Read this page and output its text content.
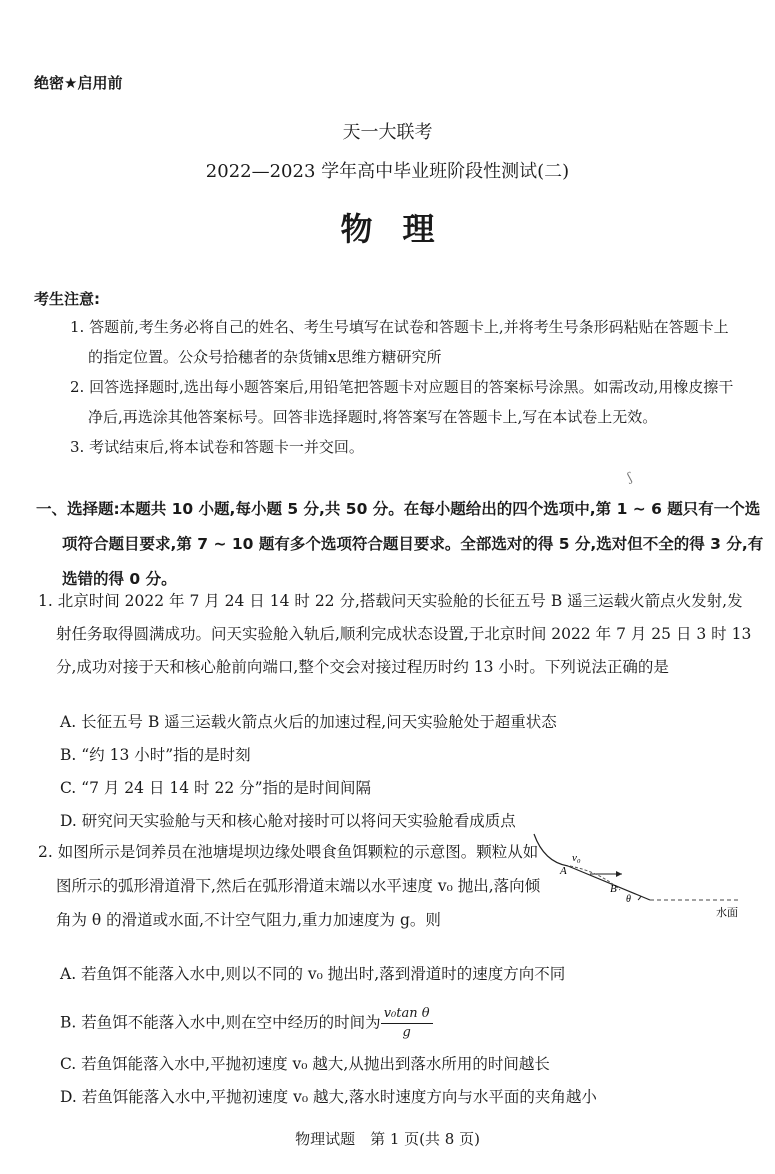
绝密★启用前
天一大联考
2022—2023 学年高中毕业班阶段性测试(二)
物理
考生注意:
1. 答题前,考生务必将自己的姓名、考生号填写在试卷和答题卡上,并将考生号条形码粘贴在答题卡上的指定位置。公众号拾穗者的杂货铺x思维方糖研究所
2. 回答选择题时,选出每小题答案后,用铅笔把答题卡对应题目的答案标号涂黑。如需改动,用橡皮擦干净后,再选涂其他答案标号。回答非选择题时,将答案写在答题卡上,写在本试卷上无效。
3. 考试结束后,将本试卷和答题卡一并交回。
ʃ
一、选择题:本题共 10 小题,每小题 5 分,共 50 分。在每小题给出的四个选项中,第 1 ~ 6 题只有一个选项符合题目要求,第 7 ~ 10 题有多个选项符合题目要求。全部选对的得 5 分,选对但不全的得 3 分,有选错的得 0 分。
1. 北京时间 2022 年 7 月 24 日 14 时 22 分,搭载问天实验舱的长征五号 B 遥三运载火箭点火发射,发射任务取得圆满成功。问天实验舱入轨后,顺利完成状态设置,于北京时间 2022 年 7 月 25 日 3 时 13 分,成功对接于天和核心舱前向端口,整个交会对接过程历时约 13 小时。下列说法正确的是
A. 长征五号 B 遥三运载火箭点火后的加速过程,问天实验舱处于超重状态
B. “约 13 小时”指的是时刻
C. “7 月 24 日 14 时 22 分”指的是时间间隔
D. 研究问天实验舱与天和核心舱对接时可以将问天实验舱看成质点
2. 如图所示是饲养员在池塘堤坝边缘处喂食鱼饵颗粒的示意图。颗粒从如图所示的弧形滑道滑下,然后在弧形滑道末端以水平速度 v₀ 抛出,落向倾角为 θ 的滑道或水面,不计空气阻力,重力加速度为 g。则
v₀
A
B
θ
水面
A. 若鱼饵不能落入水中,则以不同的 v₀ 抛出时,落到滑道时的速度方向不同
B. 若鱼饵不能落入水中,则在空中经历的时间为 $\frac{\text{v₀tan θ}}{g}$
C. 若鱼饵能落入水中,平抛初速度 v₀ 越大,从抛出到落水所用的时间越长
D. 若鱼饵能落入水中,平抛初速度 v₀ 越大,落水时速度方向与水平面的夹角越小
物理试题　第 1 页(共 8 页)
